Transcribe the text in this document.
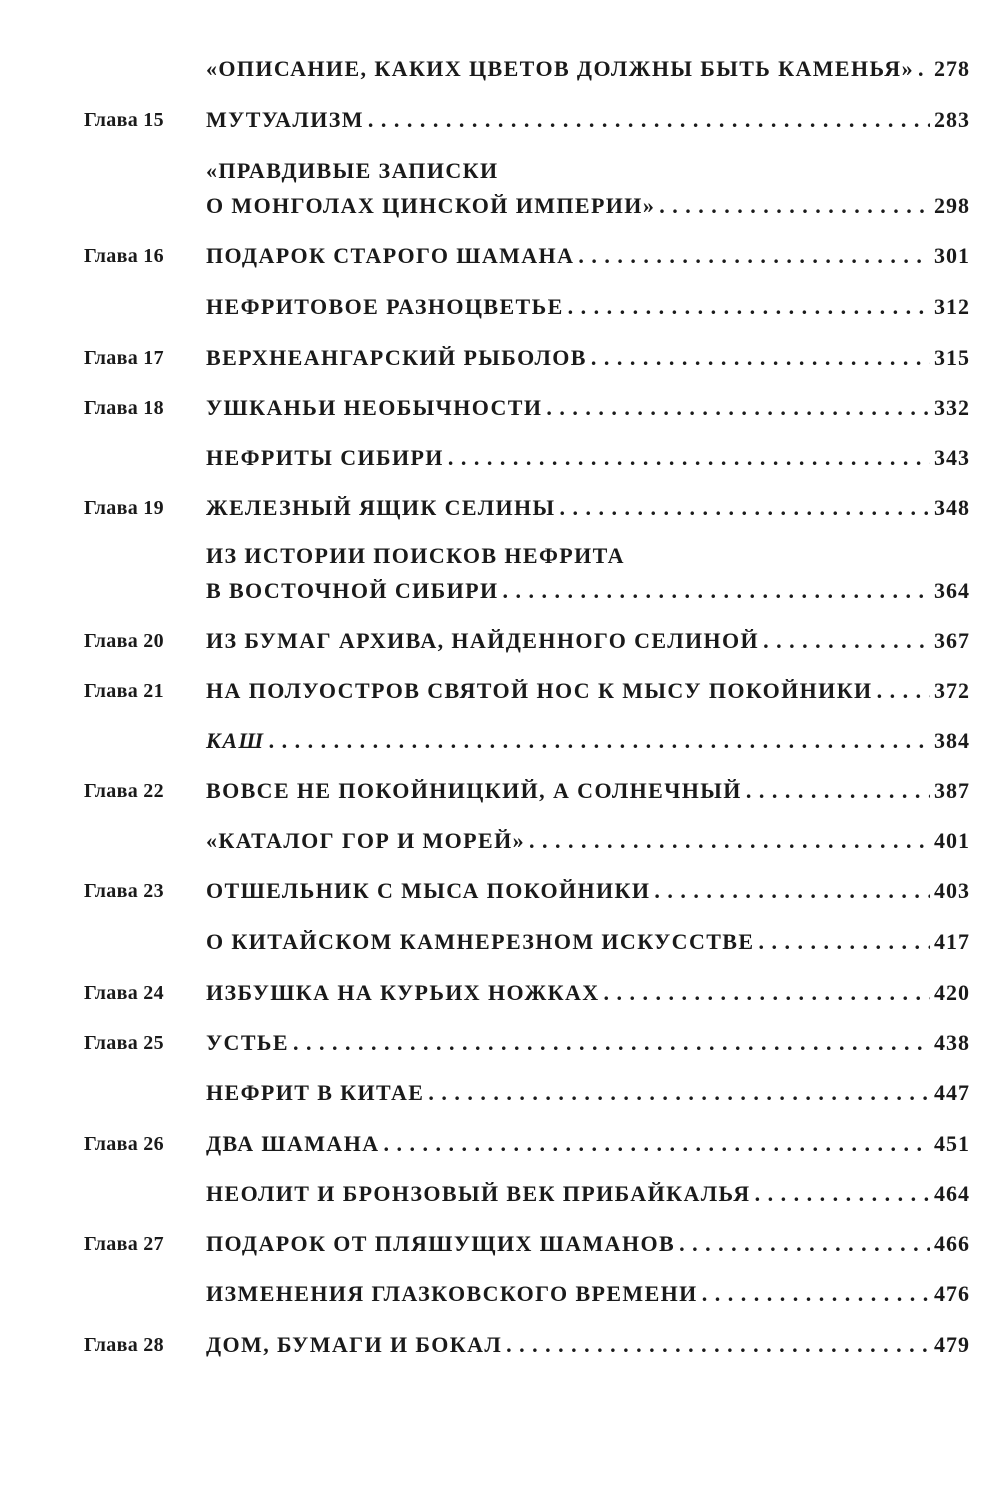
«ОПИСАНИЕ, КАКИХ ЦВЕТОВ ДОЛЖНЫ БЫТЬ КАМЕНЬЯ» . . . 278
Глава 15	МУТУАЛИЗМ . . .	283
«ПРАВДИВЫЕ ЗАПИСКИ
О МОНГОЛАХ ЦИНСКОЙ ИМПЕРИИ» . . .	298
Глава 16	ПОДАРОК СТАРОГО ШАМАНА . . .	301
НЕФРИТОВОЕ РАЗНОЦВЕТЬЕ . . .	312
Глава 17	ВЕРХНЕАНГАРСКИЙ РЫБОЛОВ . . .	315
Глава 18	УШКАНЬИ НЕОБЫЧНОСТИ . . .	332
НЕФРИТЫ СИБИРИ . . .	343
Глава 19	ЖЕЛЕЗНЫЙ ЯЩИК СЕЛИНЫ . . .	348
ИЗ ИСТОРИИ ПОИСКОВ НЕФРИТА
В ВОСТОЧНОЙ СИБИРИ . . .	364
Глава 20	ИЗ БУМАГ АРХИВА, НАЙДЕННОГО СЕЛИНОЙ . . .	367
Глава 21	НА ПОЛУОСТРОВ СВЯТОЙ НОС К МЫСУ ПОКОЙНИКИ . . .	372
КАШ . . .	384
Глава 22	ВОВСЕ НЕ ПОКОЙНИЦКИЙ, А СОЛНЕЧНЫЙ . . .	387
«КАТАЛОГ ГОР И МОРЕЙ» . . .	401
Глава 23	ОТШЕЛЬНИК С МЫСА ПОКОЙНИКИ . . .	403
О КИТАЙСКОМ КАМНЕРЕЗНОМ ИСКУССТВЕ . . .	417
Глава 24	ИЗБУШКА НА КУРЬИХ НОЖКАХ . . .	420
Глава 25	УСТЬЕ . . .	438
НЕФРИТ В КИТАЕ . . .	447
Глава 26	ДВА ШАМАНА . . .	451
НЕОЛИТ И БРОНЗОВЫЙ ВЕК ПРИБАЙКАЛЬЯ . . .	464
Глава 27	ПОДАРОК ОТ ПЛЯШУЩИХ ШАМАНОВ . . .	466
ИЗМЕНЕНИЯ ГЛАЗКОВСКОГО ВРЕМЕНИ . . .	476
Глава 28	ДОМ, БУМАГИ И БОКАЛ . . .	479
